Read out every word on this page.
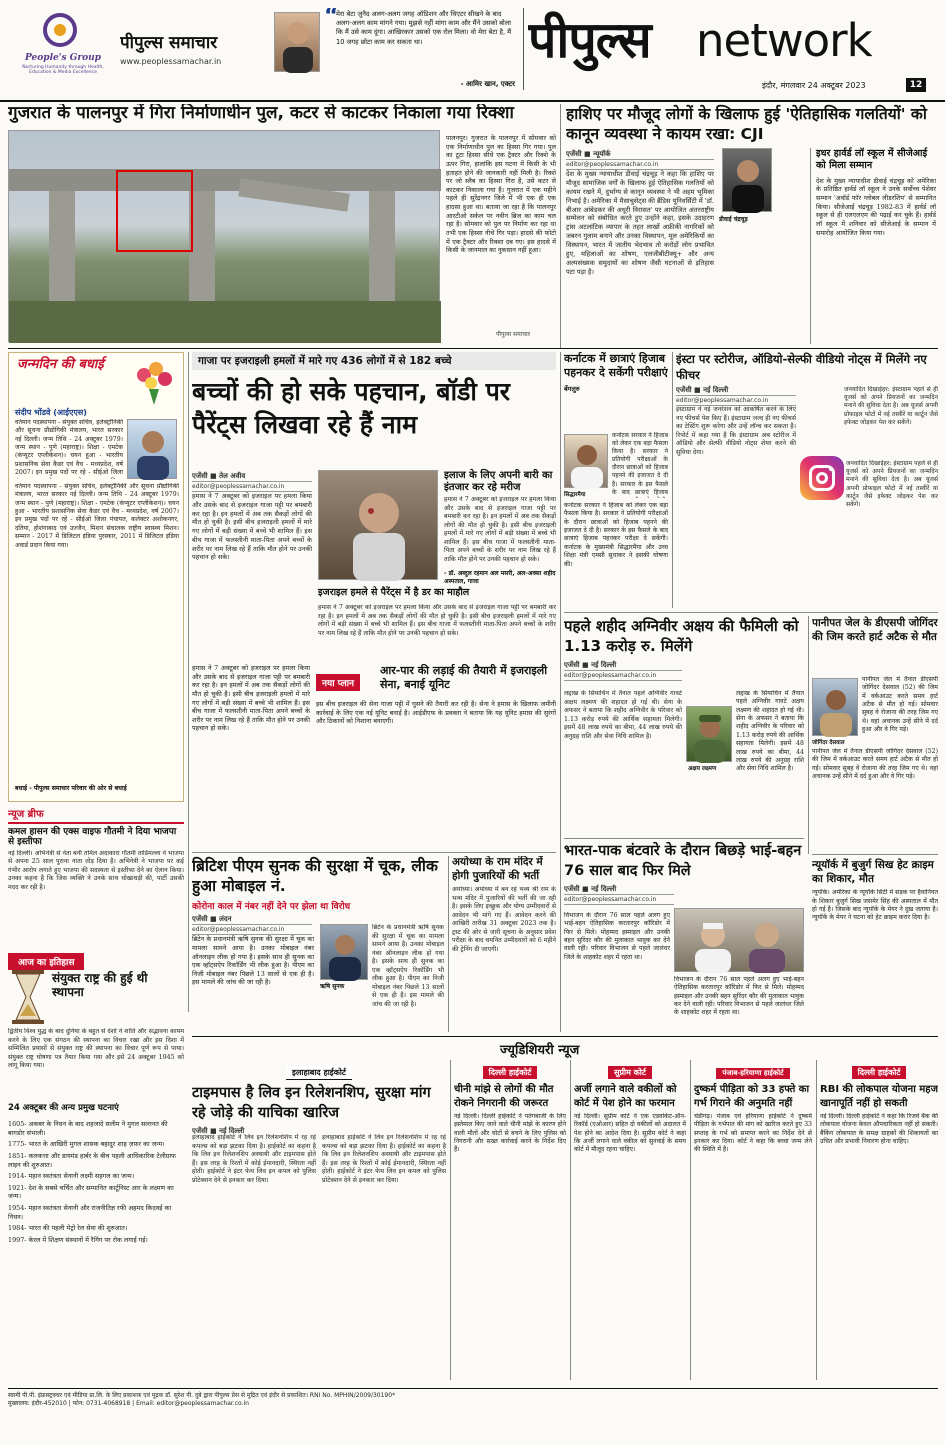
People's Group
Nurturing Humanity through Health, Education & Media Excellence
पीपुल्स समाचार
www.peoplessamachar.in
“
मेरा बेटा जुनैद अलग-अलग जगह ऑडिशन और थिएटर सीखने के बाद अलग-अलग काम मांगने गया। मुझसे नहीं मांगा काम और मैंने उसको बोला कि मैं उसे काम दूंगा। आखिरकार उसको एक रोल मिला। वो मेरा बेटा है, मैं 10 जगह छोटा काम कर सकता था।
- आमिर खान, एक्टर
पीपुल्स network
इंदौर, मंगलवार 24 अक्टूबर 2023	12
गुजरात के पालनपुर में गिरा निर्माणाधीन पुल, कटर से काटकर निकाला गया रिक्शा
पालनपुर। गुजरात के पालनपुर में सोमवार को एक निर्माणाधीन पुल का हिस्सा गिर गया। पुल का टूटा हिस्सा सीधे एक ट्रैक्टर और रिक्शे के ऊपर गिरा, हालांकि इस घटना में किसी के भी हताहत होने की जानकारी नहीं मिली है। रिक्शे पर जो स्लैब का हिस्सा गिरा है, उसे कटर से काटकर निकाला गया है। गुजरात में एक महीने पहले ही सुरेंद्रनगर जिले में भी एक ही एक हादसा हुआ था। बताया जा रहा है कि पालनपुर आरटीओ सर्कल पर नवीन ब्रिज का काम चल रहा है। सोमवार को पुल पर निर्माण कर रहा था तभी एक हिस्सा नीचे गिर पड़ा। हादसे की फोटो में एक ट्रैक्टर और रिक्शा दब गए। इस हादसे में किसी के जानमाल का नुकसान नहीं हुआ।
पीपुल्स समाचार
हाशिए पर मौजूद लोगों के खिलाफ हुई 'ऐतिहासिक गलतियों' को कानून व्यवस्था ने कायम रखा: CJI
एजेंसी ■ न्यूयॉर्क
editor@peoplessamachar.co.in
देश के मुख्य न्यायाधीश डीवाई चंद्रचूड़ ने कहा कि हाशिए पर मौजूद सामाजिक वर्गों के खिलाफ हुई ऐतिहासिक गलतियों को कायम रखने में, दुर्भाग्य से कानून व्यवस्था ने भी अहम भूमिका निभाई है। अमेरिका में मैसाचुसेट्स की ब्रैंडिस यूनिवर्सिटी में 'डॉ. बीआर आंबेडकर की अधूरी विरासत' पर आयोजित अंतरराष्ट्रीय सम्मेलन को संबोधित करते हुए उन्होंने कहा, इसके उदाहरण ट्रांस अटलांटिक व्यापार के तहत लाखों अफ्रीकी नागरिकों को जबरन गुलाम बनाने और उनका विस्थापन, मूल अमेरिकियों का विस्थापन, भारत में जातीय भेदभाव तो करोड़ों लोग प्रभावित हुए, महिलाओं का शोषण, एलजीबीटीक्यू+ और अन्य अल्पसंख्यक समुदायों का शोषण जैसी घटनाओं से इतिहास पटा पड़ा है।
डीवाई चंद्रचूड़
इधर हार्वर्ड लॉ स्कूल में सीजेआई को मिला सम्मान
देश के मुख्य न्यायाधीश डीवाई चंद्रचूड़ को अमेरिका के प्रतिष्ठित हार्वर्ड लॉ स्कूल ने उनके सर्वोच्च पेशेवर सम्मान 'अवॉर्ड फॉर ग्लोबल लीडरशिप' से सम्मानित किया। सीजेआई चंद्रचूड़ 1982-83 में हार्वर्ड लॉ स्कूल से ही एलएलएम की पढ़ाई कर चुके हैं। हार्वर्ड लॉ स्कूल में शनिवार को सीजेआई के सम्मान में समारोह आयोजित किया गया।
जन्मदिन की बधाई
संदीप भोंडवे (आईएएस)
वर्तमान पदस्थापना - संयुक्त सचिव, इलेक्ट्रॉनिकी और सूचना प्रौद्योगिकी मंत्रालय, भारत सरकार नई दिल्ली। जन्म तिथि - 24 अक्टूबर 1979। जन्म स्थान - पुणे (महाराष्ट्र)। शिक्षा - एमटेक (कंप्यूटर एप्लीकेशन)। चयन हुआ - भारतीय प्रशासनिक सेवा कैडर एवं वैच - मध्यप्रदेश, वर्ष 2007। इन प्रमुख पदों पर रहे - सीईओ जिला
वर्तमान पदस्थापना - संयुक्त सचिव, इलेक्ट्रॉनिकी और सूचना प्रौद्योगिकी मंत्रालय, भारत सरकार नई दिल्ली। जन्म तिथि - 24 अक्टूबर 1979। जन्म स्थान - पुणे (महाराष्ट्र)। शिक्षा - एमटेक (कंप्यूटर एप्लीकेशन)। चयन हुआ - भारतीय प्रशासनिक सेवा कैडर एवं वैच - मध्यप्रदेश, वर्ष 2007। इन प्रमुख पदों पर रहे - सीईओ जिला पंचायत, कलेक्टर अशोकनगर, दतिया, होशंगाबाद एवं उज्जैन, मिशन संचालक राष्ट्रीय स्वास्थ्य मिशन। सम्मान - 2017 में डिजिटल इंडिया पुरस्कार, 2011 में डिजिटल इंडिया अवार्ड प्रदान किया गया।
बधाई - पीपुल्स समाचार परिवार की ओर से बधाई
न्यूज ब्रीफ
कमल हासन की एक्स वाइफ गौतमी ने दिया भाजपा से इस्तीफा
नई दिल्ली। अभिनेत्री से नेता बनीं तमिल अदाकारा गौतमी ताडिमल्ला ने भाजपा से अपना 25 साल पुराना नाता तोड़ दिया है। अभिनेत्री ने भाजपा पर कई गंभीर आरोप लगाते हुए भाजपा की सदस्यता से इस्तीफा देने का ऐलान किया। उनका कहना है कि जिस व्यक्ति ने उनके साथ धोखाधड़ी की, पार्टी उसकी मदद कर रही है।
आज का इतिहास
संयुक्त राष्ट्र की हुई थी स्थापना
द्वितीय विश्व युद्ध के बाद दुनिया के बहुत से देशों ने शांति और सद्भावना कायम करने के लिए एक संगठन की स्थापना का विचार रखा और इस दिशा में सम्मिलित प्रयासों से संयुक्त राष्ट्र की स्थापना का विचार पूर्ण रूप से पाया। संयुक्त राष्ट्र घोषणा पत्र तैयार किया गया और इसे 24 अक्टूबर 1945 को लागू किया गया।
24 अक्टूबर की अन्य प्रमुख घटनाएं
1605- अकबर के निधन के बाद शहजादे सलीम ने मुगल सल्तनत की बागडोर संभाली।
1775- भारत के आखिरी मुगल शासक बहादुर शाह ज़फ़र का जन्म।
1851- कलकत्ता और डायमंड हार्बर के बीच पहली आधिकारिक टेलीग्राफ लाइन की शुरुआत।
1914- महान स्वतंत्रता सेनानी लक्ष्मी सहगल का जन्म।
1921- देश के सबसे चर्चित और सम्मानित कार्टूनिस्ट आर के लक्ष्मण का जन्म।
1954- महान स्वतंत्रता सेनानी और राजनीतिज्ञ रफी अहमद किदवई का निधन।
1984- भारत की पहली मेट्रो रेल सेवा की शुरुआत।
1997- केरल में शिक्षण संस्थानों में रैगिंग पर रोक लगाई गई।
गाजा पर इजराइली हमलों में मारे गए 436 लोगों में से 182 बच्चे
बच्चों की हो सके पहचान, बॉडी पर पैरेंट्स लिखवा रहे हैं नाम
एजेंसी ■ तेल अवीव
editor@peoplessamachar.co.in
हमास ने 7 अक्टूबर को इजराइल पर हमला किया और उसके बाद से इजराइल गाजा पट्टी पर बमबारी कर रहा है। इन हमलों में अब तक सैकड़ों लोगों की मौत हो चुकी है। इसी बीच इजराइली हमलों में मारे गए लोगों में बड़ी संख्या में बच्चे भी शामिल हैं। इस बीच गाजा में फलस्तीनी माता-पिता अपने बच्चों के शरीर पर नाम लिख रहे हैं ताकि मौत होने पर उनकी पहचान हो सके।
इलाज के लिए अपनी बारी का इंतजार कर रहे मरीज
हमास ने 7 अक्टूबर को इजराइल पर हमला किया और उसके बाद से इजराइल गाजा पट्टी पर बमबारी कर रहा है। इन हमलों में अब तक सैकड़ों लोगों की मौत हो चुकी है। इसी बीच इजराइली हमलों में मारे गए लोगों में बड़ी संख्या में बच्चे भी शामिल हैं। इस बीच गाजा में फलस्तीनी माता-पिता अपने बच्चों के शरीर पर नाम लिख रहे हैं ताकि मौत होने पर उनकी पहचान हो सके।
- डॉ. अब्दुल रहमान अल मसरी, अल-अक्सा शहीद अस्पताल, गाजा
इजराइल हमले से पैरेंट्स में है डर का माहौल
हमास ने 7 अक्टूबर को इजराइल पर हमला किया और उसके बाद से इजराइल गाजा पट्टी पर बमबारी कर रहा है। इन हमलों में अब तक सैकड़ों लोगों की मौत हो चुकी है। इसी बीच इजराइली हमलों में मारे गए लोगों में बड़ी संख्या में बच्चे भी शामिल हैं। इस बीच गाजा में फलस्तीनी माता-पिता अपने बच्चों के शरीर पर नाम लिख रहे हैं ताकि मौत होने पर उनकी पहचान हो सके।
नया प्लान
आर-पार की लड़ाई की तैयारी में इजराइली सेना, बनाई यूनिट
इस बीच इजराइल की सेना गाजा पट्टी में घुसने की तैयारी कर रही है। सेना ने हमास के खिलाफ जमीनी कार्रवाई के लिए एक नई यूनिट बनाई है। आईडीएफ के प्रवक्ता ने बताया कि यह यूनिट हमास की सुरंगों और ठिकानों को निशाना बनाएगी।
हमास ने 7 अक्टूबर को इजराइल पर हमला किया और उसके बाद से इजराइल गाजा पट्टी पर बमबारी कर रहा है। इन हमलों में अब तक सैकड़ों लोगों की मौत हो चुकी है। इसी बीच इजराइली हमलों में मारे गए लोगों में बड़ी संख्या में बच्चे भी शामिल हैं। इस बीच गाजा में फलस्तीनी माता-पिता अपने बच्चों के शरीर पर नाम लिख रहे हैं ताकि मौत होने पर उनकी पहचान हो सके।
ब्रिटिश पीएम सुनक की सुरक्षा में चूक, लीक हुआ मोबाइल नं.
कोरोना काल में नंबर नहीं देने पर झेला था विरोध
एजेंसी ■ लंदन
editor@peoplessamachar.co.in
ब्रिटेन के प्रधानमंत्री ऋषि सुनक की सुरक्षा में चूक का मामला सामने आया है। उनका मोबाइल नंबर ऑनलाइन लीक हो गया है। इसके साथ ही सुनक का एक व्हॉट्सऐप रिकॉर्डिंग भी लीक हुआ है। पीएम का निजी मोबाइल नंबर पिछले 13 सालों से एक ही है। इस मामले की जांच की जा रही है।
ऋषि सुनक
ब्रिटेन के प्रधानमंत्री ऋषि सुनक की सुरक्षा में चूक का मामला सामने आया है। उनका मोबाइल नंबर ऑनलाइन लीक हो गया है। इसके साथ ही सुनक का एक व्हॉट्सऐप रिकॉर्डिंग भी लीक हुआ है। पीएम का निजी मोबाइल नंबर पिछले 13 सालों से एक ही है। इस मामले की जांच की जा रही है।
अयोध्या के राम मंदिर में होगी पुजारियों की भर्ती
अयोध्या। अयोध्या में बन रहे भव्य श्री राम के भव्य मंदिर में पुजारियों की भर्ती की जा रही है। इसके लिए इच्छुक और योग्य उम्मीदवारों से आवेदन भी मांगे गए हैं। आवेदन करने की आखिरी तारीख 31 अक्टूबर 2023 तक है। ट्रस्ट की ओर से जारी सूचना के अनुसार प्रवेश परीक्षा के बाद चयनित उम्मीदवारों को 6 महीने की ट्रेनिंग दी जाएगी।
कर्नाटक में छात्राएं हिजाब पहनकर दे सकेंगी परीक्षाएं
बेंगलुरु
सिद्धारमैया
कर्नाटक सरकार ने हिजाब को लेकर एक बड़ा फैसला किया है। सरकार ने प्रतियोगी परीक्षाओं के दौरान छात्राओं को हिजाब पहनने की इजाजत दे दी है। सरकार के इस फैसले के बाद छात्राएं हिजाब
कर्नाटक सरकार ने हिजाब को लेकर एक बड़ा फैसला किया है। सरकार ने प्रतियोगी परीक्षाओं के दौरान छात्राओं को हिजाब पहनने की इजाजत दे दी है। सरकार के इस फैसले के बाद छात्राएं हिजाब पहनकर परीक्षा दे सकेंगी। कर्नाटक के मुख्यमंत्री सिद्धारमैया और उच्च शिक्षा मंत्री एमसी सुधाकर ने इसकी घोषणा की।
इंस्टा पर स्टोरीज, ऑडियो-सेल्फी वीडियो नोट्स में मिलेंगे नए फीचर
एजेंसी ■ नई दिल्ली
editor@peoplessamachar.co.in
इंस्टाग्राम ने नई जनरेशन को आकर्षित करने के लिए नए फीचर्स पेश किए हैं। इंस्टाग्राम जल्द ही नए फीचर्स का टेस्टिंग शुरू करेगा और उन्हें लॉन्च कर सकता है। रिपोर्ट में कहा गया है कि इंस्टाग्राम अब स्टोरीज में ऑडियो और सेल्फी वीडियो नोट्स शेयर करने की सुविधा देगा।
जनवादित दिखाईहर: इंस्टाग्राम पहले से ही यूजर्स को अपने प्रियजनों का जन्मदिन मनाने की सुविधा देता है। अब यूजर्स अपनी प्रोफाइल फोटो में नई तस्वीरें या कार्टून जैसे इफेक्ट जोड़कर पेश कर सकेंगे।
जनवादित दिखाईहर: इंस्टाग्राम पहले से ही यूजर्स को अपने प्रियजनों का जन्मदिन मनाने की सुविधा देता है। अब यूजर्स अपनी प्रोफाइल फोटो में नई तस्वीरें या कार्टून जैसे इफेक्ट जोड़कर पेश कर सकेंगे।
पहले शहीद अग्निवीर अक्षय की फैमिली को 1.13 करोड़ रु. मिलेंगे
एजेंसी ■ नई दिल्ली
editor@peoplessamachar.co.in
लद्दाख के सियाचिन में तैनात पहले अग्निवीर गावटे अक्षय लक्ष्मण की शहादत हो गई थी। सेना के अफसर ने बताया कि शहीद अग्निवीर के परिवार को 1.13 करोड़ रुपये की आर्थिक सहायता मिलेगी। इसमें 48 लाख रुपये का बीमा, 44 लाख रुपये की अनुग्रह राशि और सेवा निधि शामिल है।
अक्षय लक्ष्मण
लद्दाख के सियाचिन में तैनात पहले अग्निवीर गावटे अक्षय लक्ष्मण की शहादत हो गई थी। सेना के अफसर ने बताया कि शहीद अग्निवीर के परिवार को 1.13 करोड़ रुपये की आर्थिक सहायता मिलेगी। इसमें 48 लाख रुपये का बीमा, 44 लाख रुपये की अनुग्रह राशि और सेवा निधि शामिल है।
पानीपत जेल के डीएसपी जोगिंदर की जिम करते हार्ट अटैक से मौत
जोगिंदर देसवाल
पानीपत जेल में तैनात डीएसपी जोगिंदर देसवाल (52) की जिम में वर्कआउट करते समय हार्ट अटैक से मौत हो गई। सोमवार सुबह वे रोजाना की तरह जिम गए थे। वहां अचानक उन्हें सीने में दर्द हुआ और वे गिर पड़े।
पानीपत जेल में तैनात डीएसपी जोगिंदर देसवाल (52) की जिम में वर्कआउट करते समय हार्ट अटैक से मौत हो गई। सोमवार सुबह वे रोजाना की तरह जिम गए थे। वहां अचानक उन्हें सीने में दर्द हुआ और वे गिर पड़े।
भारत-पाक बंटवारे के दौरान बिछड़े भाई-बहन 76 साल बाद फिर मिले
एजेंसी ■ नई दिल्ली
editor@peoplessamachar.co.in
विभाजन के दौरान 76 साल पहले अलग हुए भाई-बहन ऐतिहासिक करतारपुर कॉरिडोर में फिर से मिले। मोहम्मद इस्माइल और उनकी बहन सुरिंदर कौर की मुलाकात भावुक कर देने वाली रही। परिवार विभाजन से पहले जालंधर जिले के शाहकोट शहर में रहता था।
विभाजन के दौरान 76 साल पहले अलग हुए भाई-बहन ऐतिहासिक करतारपुर कॉरिडोर में फिर से मिले। मोहम्मद इस्माइल और उनकी बहन सुरिंदर कौर की मुलाकात भावुक कर देने वाली रही। परिवार विभाजन से पहले जालंधर जिले के शाहकोट शहर में रहता था।
न्यूयॉर्क में बुजुर्ग सिख हेट क्राइम का शिकार, मौत
न्यूयॉर्क। अमेरिका के न्यूयॉर्क सिटी में सड़क पर हैवानियत के शिकार बुजुर्ग सिख जसमेर सिंह की अस्पताल में मौत हो गई है। जिसके बाद न्यूयॉर्क के मेयर ने दुख जताया है। न्यूयॉर्क के मेयर ने घटना को हेट क्राइम करार दिया है।
ज्यूडिशियरी न्यूज
इलाहाबाद हाईकोर्ट
टाइमपास है लिव इन रिलेशनशिप, सुरक्षा मांग रहे जोड़े की याचिका खारिज
एजेंसी ■ नई दिल्ली
इलाहाबाद हाईकोर्ट ने लिव इन रिलेशनशिप में रह रहे कपल्स को बड़ा झटका दिया है। हाईकोर्ट का कहना है कि लिव इन रिलेशनशिप अस्थायी और टाइमपास होते हैं। इस तरह के रिश्तों में कोई ईमानदारी, स्थिरता नहीं होती। हाईकोर्ट ने इंटर फेथ लिव इन कपल को पुलिस प्रोटेक्शन देने से इनकार कर दिया।
इलाहाबाद हाईकोर्ट ने लिव इन रिलेशनशिप में रह रहे कपल्स को बड़ा झटका दिया है। हाईकोर्ट का कहना है कि लिव इन रिलेशनशिप अस्थायी और टाइमपास होते हैं। इस तरह के रिश्तों में कोई ईमानदारी, स्थिरता नहीं होती। हाईकोर्ट ने इंटर फेथ लिव इन कपल को पुलिस प्रोटेक्शन देने से इनकार कर दिया।
दिल्ली हाईकोर्ट
चीनी मांझे से लोगों की मौत रोकने निगरानी की जरूरत
नई दिल्ली। दिल्ली हाईकोर्ट ने पतंगबाजी के लिए इस्तेमाल किए जाने वाले चीनी मांझे के कारण होने वाली मौतों और चोटों से बचने के लिए पुलिस को निगरानी और सख्त कार्रवाई करने के निर्देश दिए हैं।
सुप्रीम कोर्ट
अर्जी लगाने वाले वकीलों को कोर्ट में पेश होने का फरमान
नई दिल्ली। सुप्रीम कोर्ट ने एक एडवोकेट-ऑन-रिकॉर्ड (एओआर) सहित दो वकीलों को अदालत में पेश होने का आदेश दिया है। सुप्रीम कोर्ट ने कहा कि अर्जी लगाने वाले वकील को सुनवाई के समय कोर्ट में मौजूद रहना चाहिए।
पंजाब-हरियाणा हाईकोर्ट
दुष्कर्म पीड़िता को 33 हफ्ते का गर्भ गिराने की अनुमति नहीं
चंडीगढ़। पंजाब एवं हरियाणा हाईकोर्ट ने दुष्कर्म पीड़िता के गर्भपात की मांग को खारिज करते हुए 33 सप्ताह के गर्भ को समाप्त करने का निर्देश देने से इनकार कर दिया। कोर्ट ने कहा कि बच्चा जन्म लेने की स्थिति में है।
दिल्ली हाईकोर्ट
RBI की लोकपाल योजना महज खानापूर्ति नहीं हो सकती
नई दिल्ली। दिल्ली हाईकोर्ट ने कहा कि रिजर्व बैंक की लोकपाल योजना केवल औपचारिकता नहीं हो सकती। बैंकिंग लोकपाल के समक्ष ग्राहकों की शिकायतों का उचित और प्रभावी निवारण होना चाहिए।
स्वामी पी.पी. इंफ्रास्ट्रक्चर एवं मीडिया प्रा.लि. के लिए प्रकाशक एवं मुद्रक डॉ. सुरेश पी. दुबे द्वारा पीपुल्स प्रेस से मुद्रित एवं इंदौर से प्रकाशित। RNI No. MPHIN/2009/30190*
मुख्यालय: इंदौर-452010 | फोन: 0731-4068918 | Email: editor@peoplessamachar.co.in
